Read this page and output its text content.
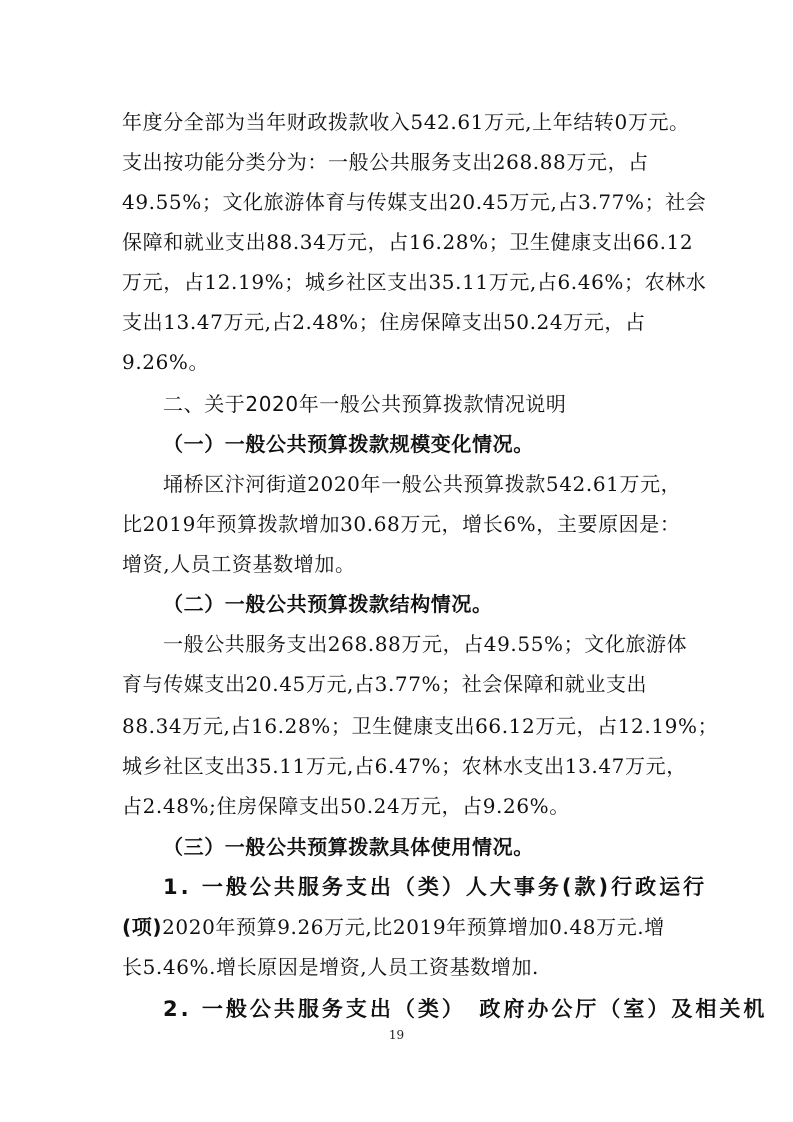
年度分全部为当年财政拨款收入542.61万元,上年结转0万元。
支出按功能分类分为：一般公共服务支出268.88万元，占
49.55%；文化旅游体育与传媒支出20.45万元,占3.77%；社会
保障和就业支出88.34万元，占16.28%；卫生健康支出66.12
万元，占12.19%；城乡社区支出35.11万元,占6.46%；农林水
支出13.47万元,占2.48%；住房保障支出50.24万元，占
9.26%。
二、关于2020年一般公共预算拨款情况说明
（一）一般公共预算拨款规模变化情况。
埇桥区汴河街道2020年一般公共预算拨款542.61万元，
比2019年预算拨款增加30.68万元，增长6%，主要原因是：
增资,人员工资基数增加。
（二）一般公共预算拨款结构情况。
一般公共服务支出268.88万元，占49.55%；文化旅游体
育与传媒支出20.45万元,占3.77%；社会保障和就业支出
88.34万元,占16.28%；卫生健康支出66.12万元，占12.19%；
城乡社区支出35.11万元,占6.47%；农林水支出13.47万元，
占2.48%;住房保障支出50.24万元，占9.26%。
（三）一般公共预算拨款具体使用情况。
1. 一般公共服务支出（类）人大事务(款)行政运行
(项)2020年预算9.26万元,比2019年预算增加0.48万元.增
长5.46%.增长原因是增资,人员工资基数增加.
2. 一般公共服务支出（类）　政府办公厅（室）及相关机
19
